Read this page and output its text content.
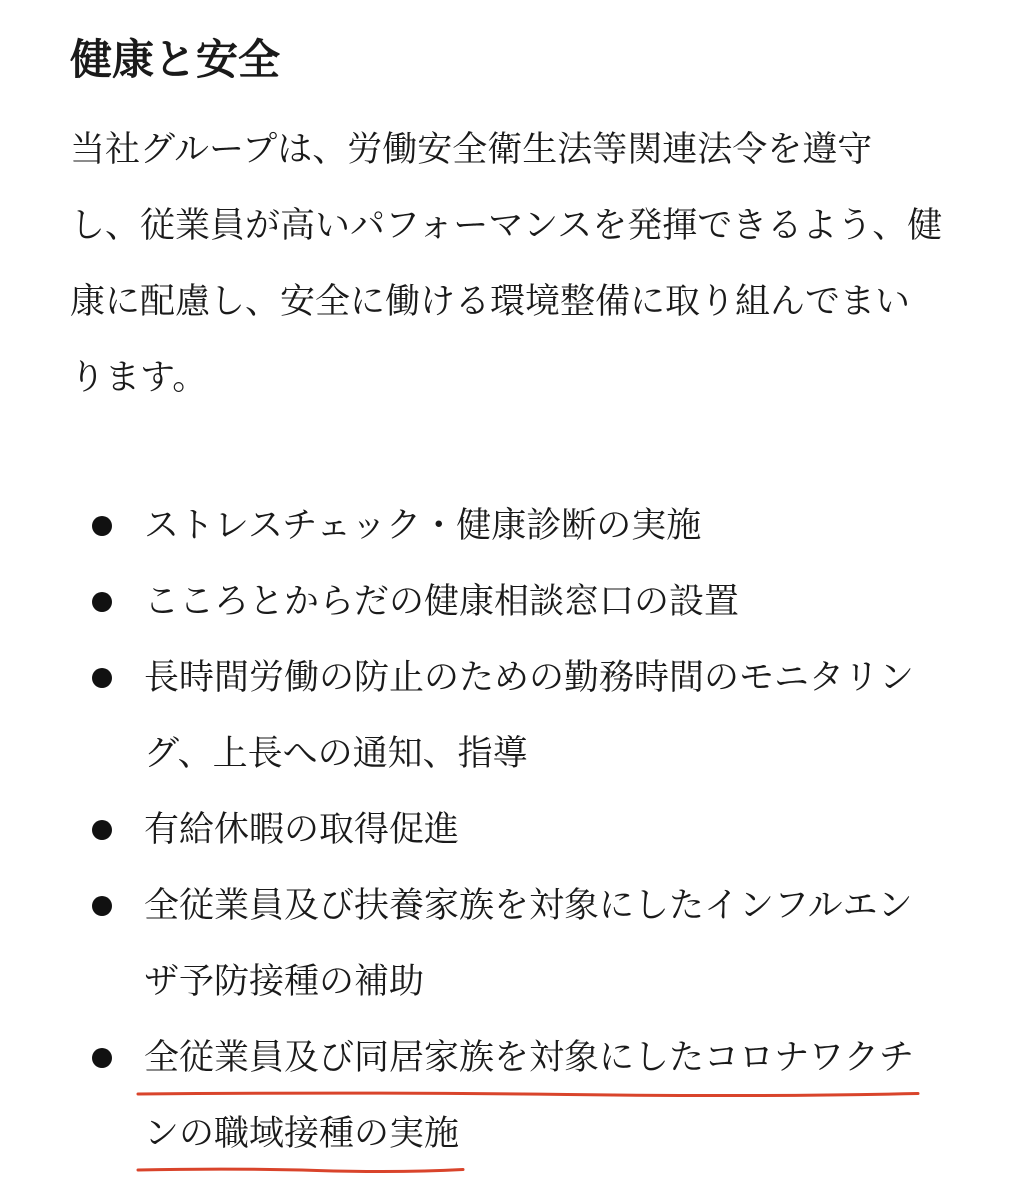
健康と安全

当社グループは、労働安全衛生法等関連法令を遵守
し、従業員が高いパフォーマンスを発揮できるよう、健
康に配慮し、安全に働ける環境整備に取り組んでまい
ります。

ストレスチェック・健康診断の実施
こころとからだの健康相談窓口の設置
長時間労働の防止のための勤務時間のモニタリン
グ、上長への通知、指導
有給休暇の取得促進
全従業員及び扶養家族を対象にしたインフルエン
ザ予防接種の補助
全従業員及び同居家族を対象にしたコロナワクチ
ンの職域接種の実施
